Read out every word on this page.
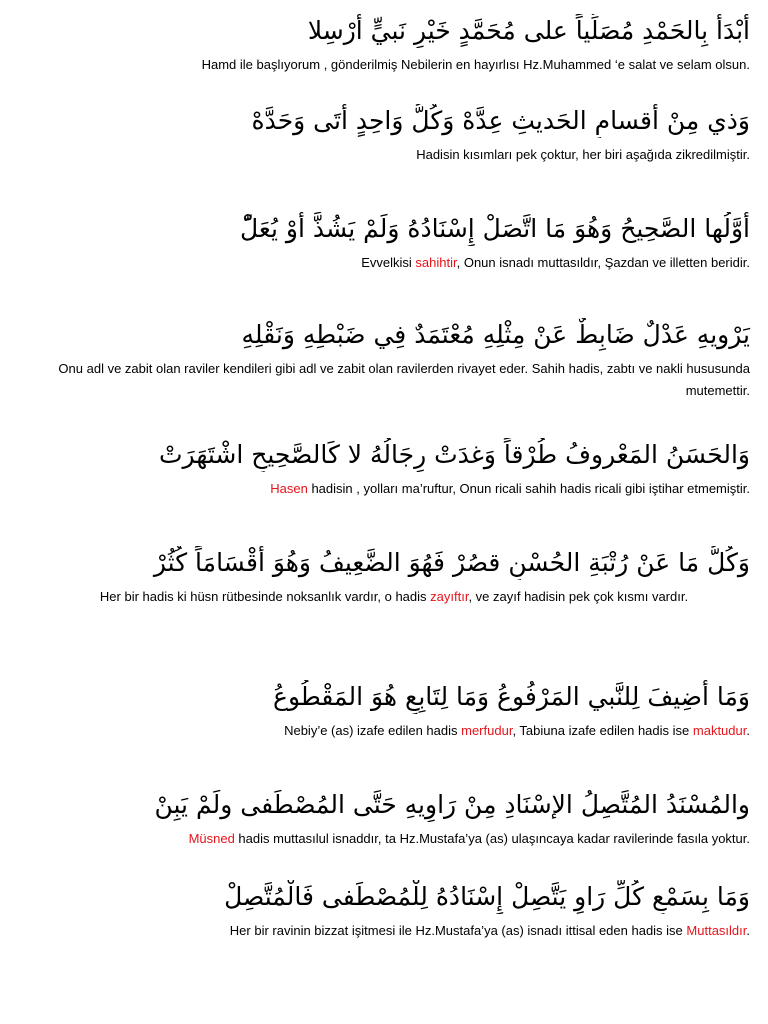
أَبْدَأُ بِالحَمْدِ مُصَلِّياً على مُحَمَّدٍ خَيْرِ نَبيٍّ أُرْسِلا
Hamd ile başlıyorum , gönderilmiş Nebilerin en hayırlısı Hz.Muhammed ‘e salat ve selam olsun.
وَذي مِنْ أقسامِ الحَديثِ عِدَّهْ وَكُلُّ وَاحِدٍ أَتَى وَحَدَّهْ
Hadisin kısımları pek çoktur, her biri aşağıda zikredilmiştir.
أَوَّلُها الصَّحِيحُ وَهُوَ مَا اتَّصَلْ إِسْنَادُهُ وَلَمْ يَشُذَّ أَوْ يُعَلّْ
Evvelkisi sahihtir, Onun isnadı muttasıldır, Şazdan ve illetten beridir.
يَرْويهِ عَدْلٌ ضَابِطٌ عَنْ مِثْلِهِ مُعْتَمَدٌ فِي ضَبْطِهِ وَنَقْلِهِ
Onu adl ve zabit olan raviler kendileri gibi adl ve zabit olan ravilerden rivayet eder. Sahih hadis, zabtı ve nakli hususunda mutemettir.
وَالحَسَنُ المَعْروفُ طُرْقاً وَغدَتْ رِجَالُهُ لا كَالصَّحِيحِ اشْتَهَرَتْ
Hasen hadisin , yolları ma’ruftur, Onun ricali sahih hadis ricali gibi iştihar etmemiştir.
وَكُلُّ مَا عَنْ رُتْبَةِ الحُسْنِ قصُرْ فَهُوَ الضَّعِيفُ وَهُوَ أَقْسَامَاً كُثُرْ
Her bir hadis ki hüsn rütbesinde noksanlık vardır, o hadis zayıftır, ve zayıf hadisin pek çok kısmı vardır.
وَمَا أُضِيفَ لِلنَّبي المَرْفُوعُ وَمَا لِتَابِعٍ هُوَ المَقْطُوعُ
Nebiy’e (as) izafe edilen hadis merfudur, Tabiuna izafe edilen hadis ise maktudur.
والمُسْنَدُ المُتَّصِلُ الإسْنَادِ مِنْ رَاوِيهِ حَتَّى المُصْطَفى ولَمْ يَبِنْ
Müsned hadis muttasılul isnaddır, ta Hz.Mustafa’ya (as) ulaşıncaya kadar ravilerinde fasıla yoktur.
وَمَا بِسَمْعِ كُلِّ رَاوٍ يَتَّصِلْ إِسْنَادُهُ لِلْمُصْطَفى فَالْمُتَّصِلْ
Her bir ravinin bizzat işitmesi ile Hz.Mustafa’ya (as) isnadı ittisal eden hadis ise Muttasıldır.
